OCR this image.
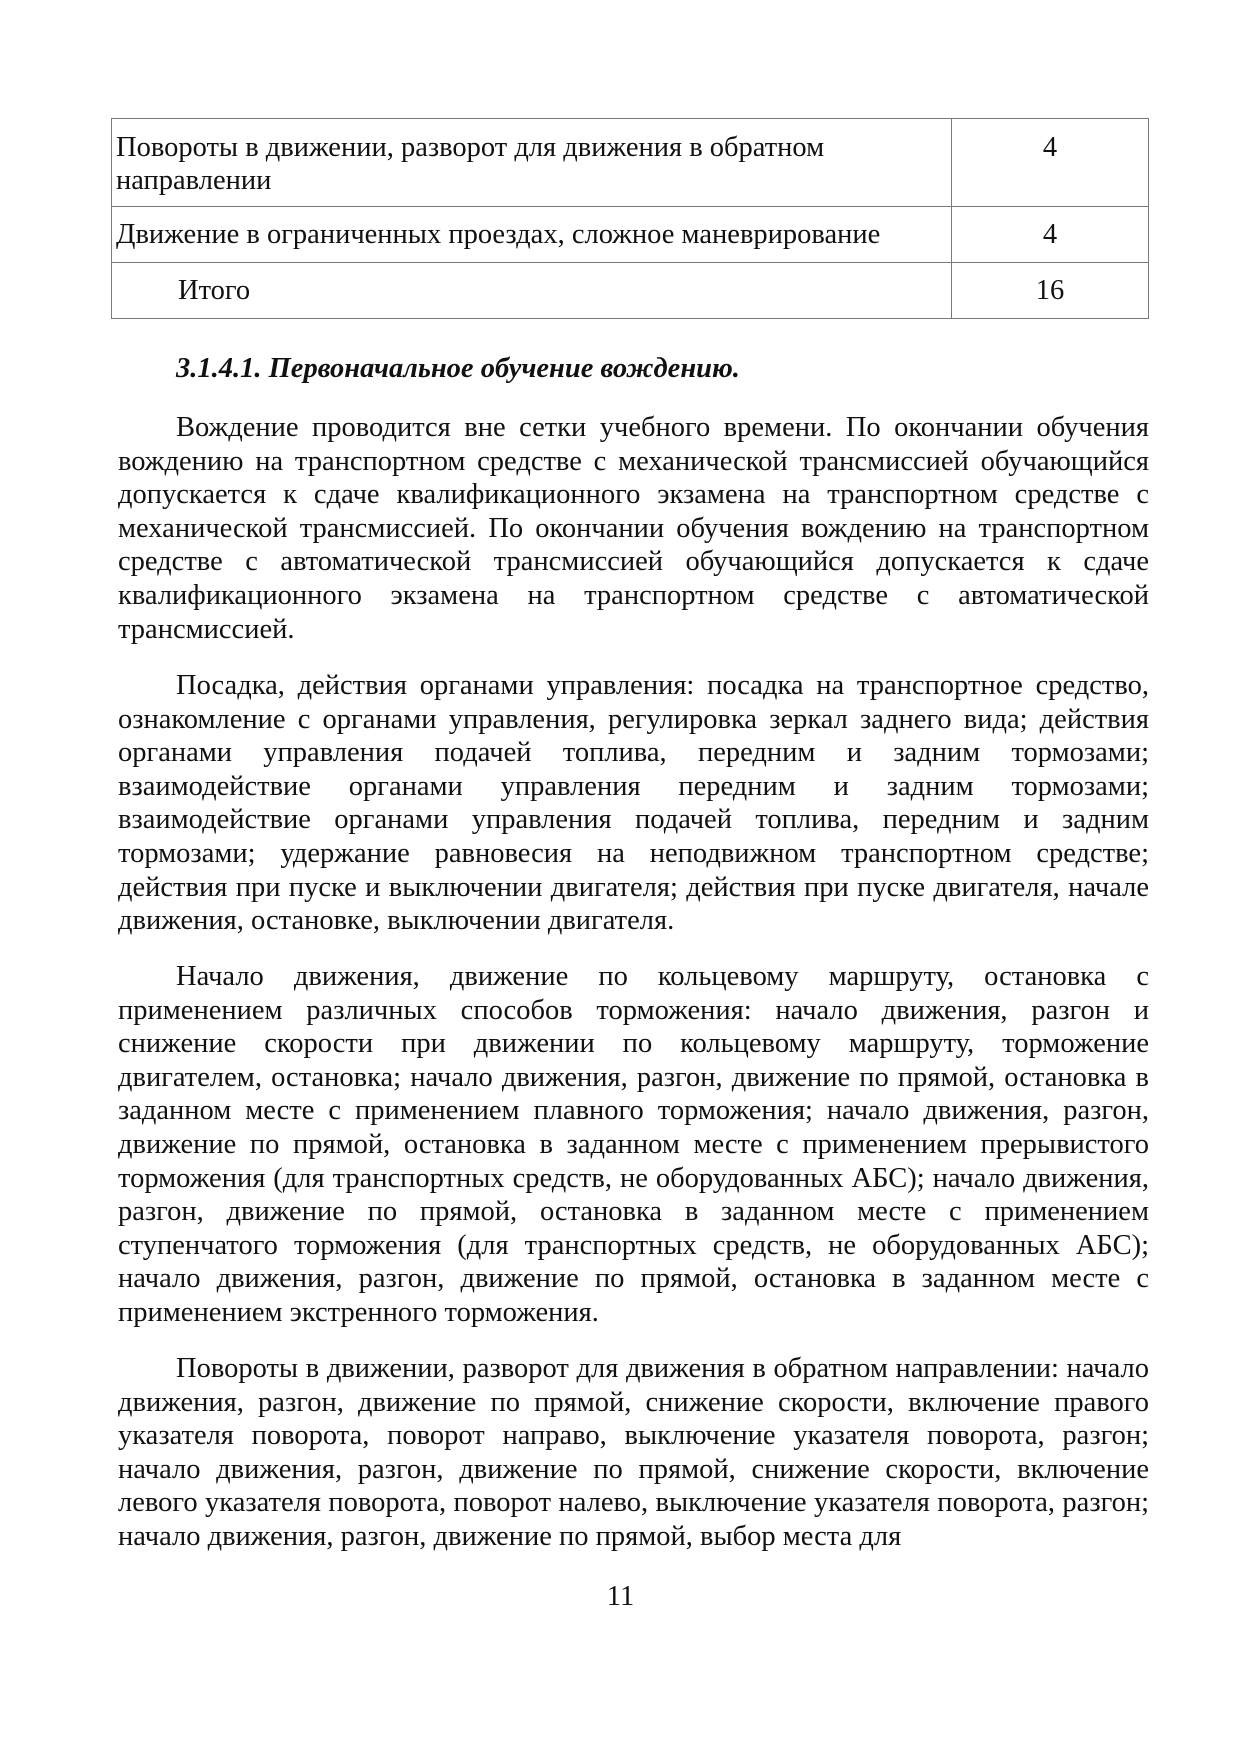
Повороты в движении, разворот для движения в обратном направлении	4
Движение в ограниченных проездах, сложное маневрирование	4
Итого	16
3.1.4.1. Первоначальное обучение вождению.

Вождение проводится вне сетки учебного времени. По окончании обучения вождению на транспортном средстве с механической трансмиссией обучающийся допускается к сдаче квалификационного экзамена на транспортном средстве с механической трансмиссией. По окончании обучения вождению на транспортном средстве с автоматической трансмиссией обучающийся допускается к сдаче квалификационного экзамена на транспортном средстве с автоматической трансмиссией.

Посадка, действия органами управления: посадка на транспортное средство, ознакомление с органами управления, регулировка зеркал заднего вида; действия органами управления подачей топлива, передним и задним тормозами; взаимодействие органами управления передним и задним тормозами; взаимодействие органами управления подачей топлива, передним и задним тормозами; удержание равновесия на неподвижном транспортном средстве; действия при пуске и выключении двигателя; действия при пуске двигателя, начале движения, остановке, выключении двигателя.

Начало движения, движение по кольцевому маршруту, остановка с применением различных способов торможения: начало движения, разгон и снижение скорости при движении по кольцевому маршруту, торможение двигателем, остановка; начало движения, разгон, движение по прямой, остановка в заданном месте с применением плавного торможения; начало движения, разгон, движение по прямой, остановка в заданном месте с применением прерывистого торможения (для транспортных средств, не оборудованных АБС); начало движения, разгон, движение по прямой, остановка в заданном месте с применением ступенчатого торможения (для транспортных средств, не оборудованных АБС); начало движения, разгон, движение по прямой, остановка в заданном месте с применением экстренного торможения.

Повороты в движении, разворот для движения в обратном направлении: начало движения, разгон, движение по прямой, снижение скорости, включение правого указателя поворота, поворот направо, выключение указателя поворота, разгон; начало движения, разгон, движение по прямой, снижение скорости, включение левого указателя поворота, поворот налево, выключение указателя поворота, разгон; начало движения, разгон, движение по прямой, выбор места для

11
